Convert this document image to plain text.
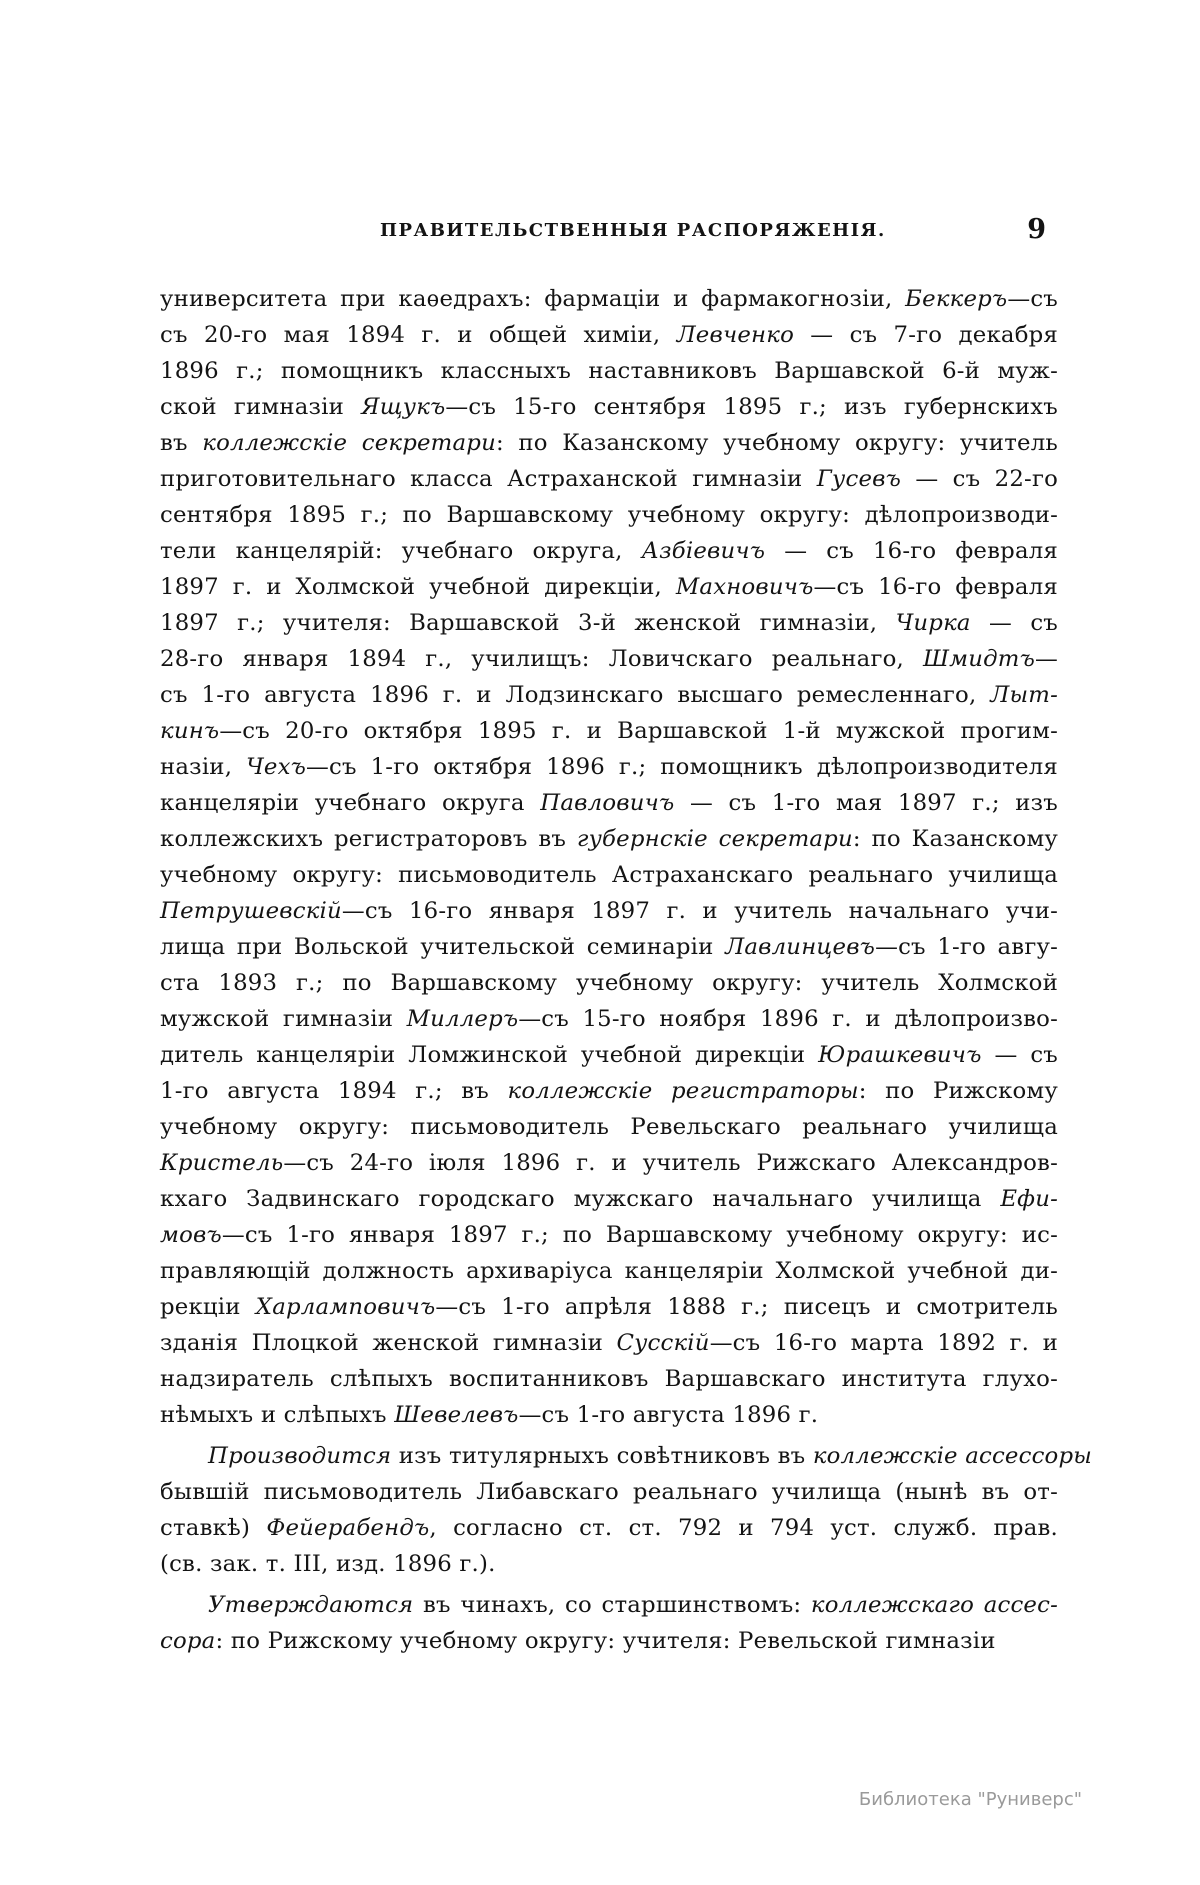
ПРАВИТЕЛЬСТВЕННЫЯ РАСПОРЯЖЕНІЯ.	9
университета при каѳедрахъ: фармаціи и фармакогнозіи, Беккеръ—съ
съ 20-го мая 1894 г. и общей химіи, Левченко — съ 7-го декабря
1896 г.; помощникъ классныхъ наставниковъ Варшавской 6-й муж-
ской гимназіи Ящукъ—съ 15-го сентября 1895 г.; изъ губернскихъ
въ коллежскіе секретари: по Казанскому учебному округу: учитель
приготовительнаго класса Астраханской гимназіи Гусевъ — съ 22-го
сентября 1895 г.; по Варшавскому учебному округу: дѣлопроизводи-
тели канцелярій: учебнаго округа, Азбіевичъ — съ 16-го февраля
1897 г. и Холмской учебной дирекціи, Махновичъ—съ 16-го февраля
1897 г.; учителя: Варшавской 3-й женской гимназіи, Чирка — съ
28-го января 1894 г., училищъ: Ловичскаго реальнаго, Шмидтъ—
съ 1-го августа 1896 г. и Лодзинскаго высшаго ремесленнаго, Лыт-
кинъ—съ 20-го октября 1895 г. и Варшавской 1-й мужской прогим-
назіи, Чехъ—съ 1-го октября 1896 г.; помощникъ дѣлопроизводителя
канцеляріи учебнаго округа Павловичъ — съ 1-го мая 1897 г.; изъ
коллежскихъ регистраторовъ въ губернскіе секретари: по Казанскому
учебному округу: письмоводитель Астраханскаго реальнаго училища
Петрушевскій—съ 16-го января 1897 г. и учитель начальнаго учи-
лища при Вольской учительской семинаріи Лавлинцевъ—съ 1-го авгу-
ста 1893 г.; по Варшавскому учебному округу: учитель Холмской
мужской гимназіи Миллеръ—съ 15-го ноября 1896 г. и дѣлопроизво-
дитель канцеляріи Ломжинской учебной дирекціи Юрашкевичъ — съ
1-го августа 1894 г.; въ коллежскіе регистраторы: по Рижскому
учебному округу: письмоводитель Ревельскаго реальнаго училища
Кристель—съ 24-го іюля 1896 г. и учитель Рижскаго Александров-
кхаго Задвинскаго городскаго мужскаго начальнаго училища Ефи-
мовъ—съ 1-го января 1897 г.; по Варшавскому учебному округу: ис-
правляющій должность архиваріуса канцеляріи Холмской учебной ди-
рекціи Харламповичъ—съ 1-го апрѣля 1888 г.; писецъ и смотритель
зданія Плоцкой женской гимназіи Сусскій—съ 16-го марта 1892 г. и
надзиратель слѣпыхъ воспитанниковъ Варшавскаго института глухо-
нѣмыхъ и слѣпыхъ Шевелевъ—съ 1-го августа 1896 г.
Производится изъ титулярныхъ совѣтниковъ въ коллежскіе ассессоры
бывшій письмоводитель Либавскаго реальнаго училища (нынѣ въ от-
ставкѣ) Фейерабендъ, согласно ст. ст. 792 и 794 уст. служб. прав.
(св. зак. т. III, изд. 1896 г.).
Утверждаются въ чинахъ, со старшинствомъ: коллежскаго ассес-
сора: по Рижскому учебному округу: учителя: Ревельской гимназіи
Библиотека "Руниверс"
